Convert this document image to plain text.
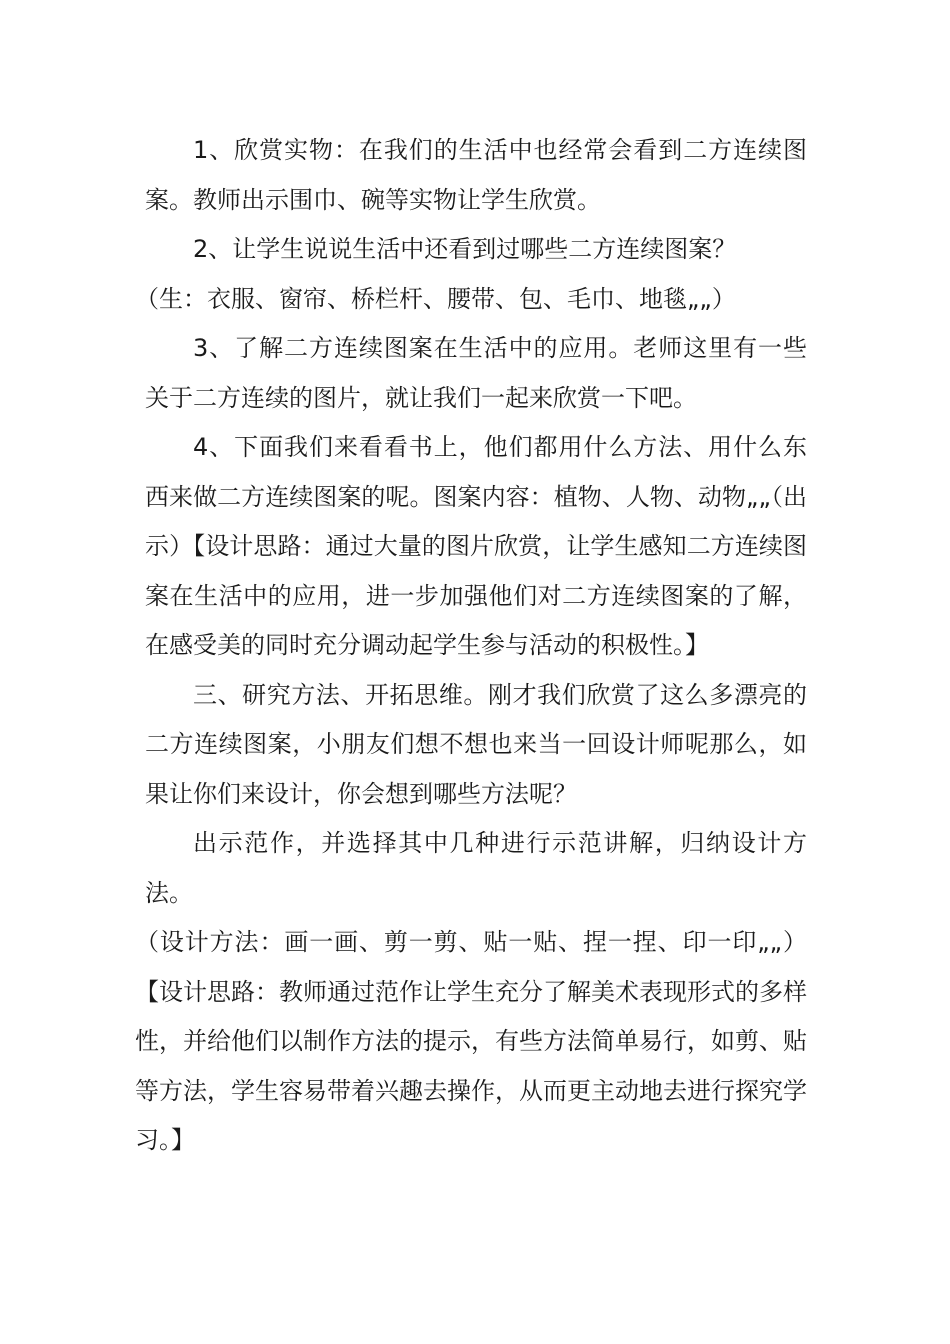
1、欣赏实物：在我们的生活中也经常会看到二方连续图案。教师出示围巾、碗等实物让学生欣赏。

2、让学生说说生活中还看到过哪些二方连续图案？

（生：衣服、窗帘、桥栏杆、腰带、包、毛巾、地毯„„）

3、了解二方连续图案在生活中的应用。老师这里有一些关于二方连续的图片，就让我们一起来欣赏一下吧。

4、下面我们来看看书上，他们都用什么方法、用什么东西来做二方连续图案的呢。图案内容：植物、人物、动物„„（出示）【设计思路：通过大量的图片欣赏，让学生感知二方连续图案在生活中的应用，进一步加强他们对二方连续图案的了解，在感受美的同时充分调动起学生参与活动的积极性。】

三、研究方法、开拓思维。刚才我们欣赏了这么多漂亮的二方连续图案，小朋友们想不想也来当一回设计师呢那么，如果让你们来设计，你会想到哪些方法呢？

出示范作，并选择其中几种进行示范讲解，归纳设计方法。

（设计方法：画一画、剪一剪、贴一贴、捏一捏、印一印„„）【设计思路：教师通过范作让学生充分了解美术表现形式的多样性，并给他们以制作方法的提示，有些方法简单易行，如剪、贴等方法，学生容易带着兴趣去操作，从而更主动地去进行探究学习。】
